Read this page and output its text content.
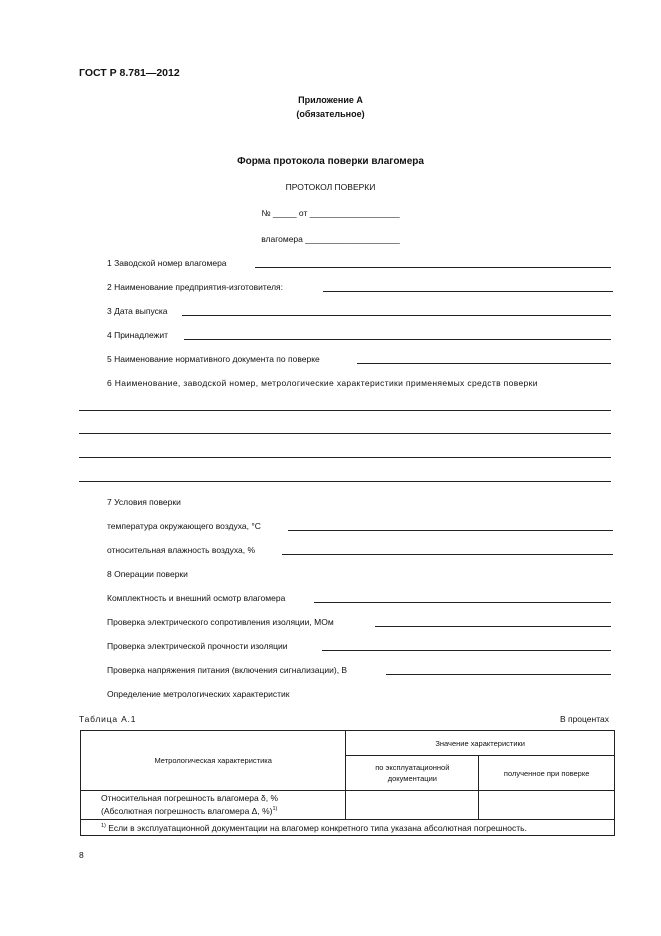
ГОСТ Р 8.781—2012
Приложение А
(обязательное)
Форма протокола поверки влагомера
ПРОТОКОЛ ПОВЕРКИ
№ _____ от ___________________
влагомера ____________________
1 Заводской номер влагомера
2 Наименование предприятия-изготовителя:
3 Дата выпуска
4 Принадлежит
5 Наименование нормативного документа по поверке
6 Наименование, заводской номер, метрологические характеристики применяемых средств поверки
7 Условия поверки
температура окружающего воздуха, °С
относительная влажность воздуха, %
8 Операции поверки
Комплектность и внешний осмотр влагомера
Проверка электрического сопротивления изоляции, МОм
Проверка электрической прочности изоляции
Проверка напряжения питания (включения сигнализации), В
Определение метрологических характеристик
Таблица А.1	В процентах
Метрологическая характеристика	Значение характеристики	
	по эксплуатационной документации	полученное при поверке

Относительная погрешность влагомера δ, %
(Абсолютная погрешность влагомера Δ, %)$^{1)}$

$^{1)}$ Если в эксплуатационной документации на влагомер конкретного типа указана абсолютная погрешность.		
8
